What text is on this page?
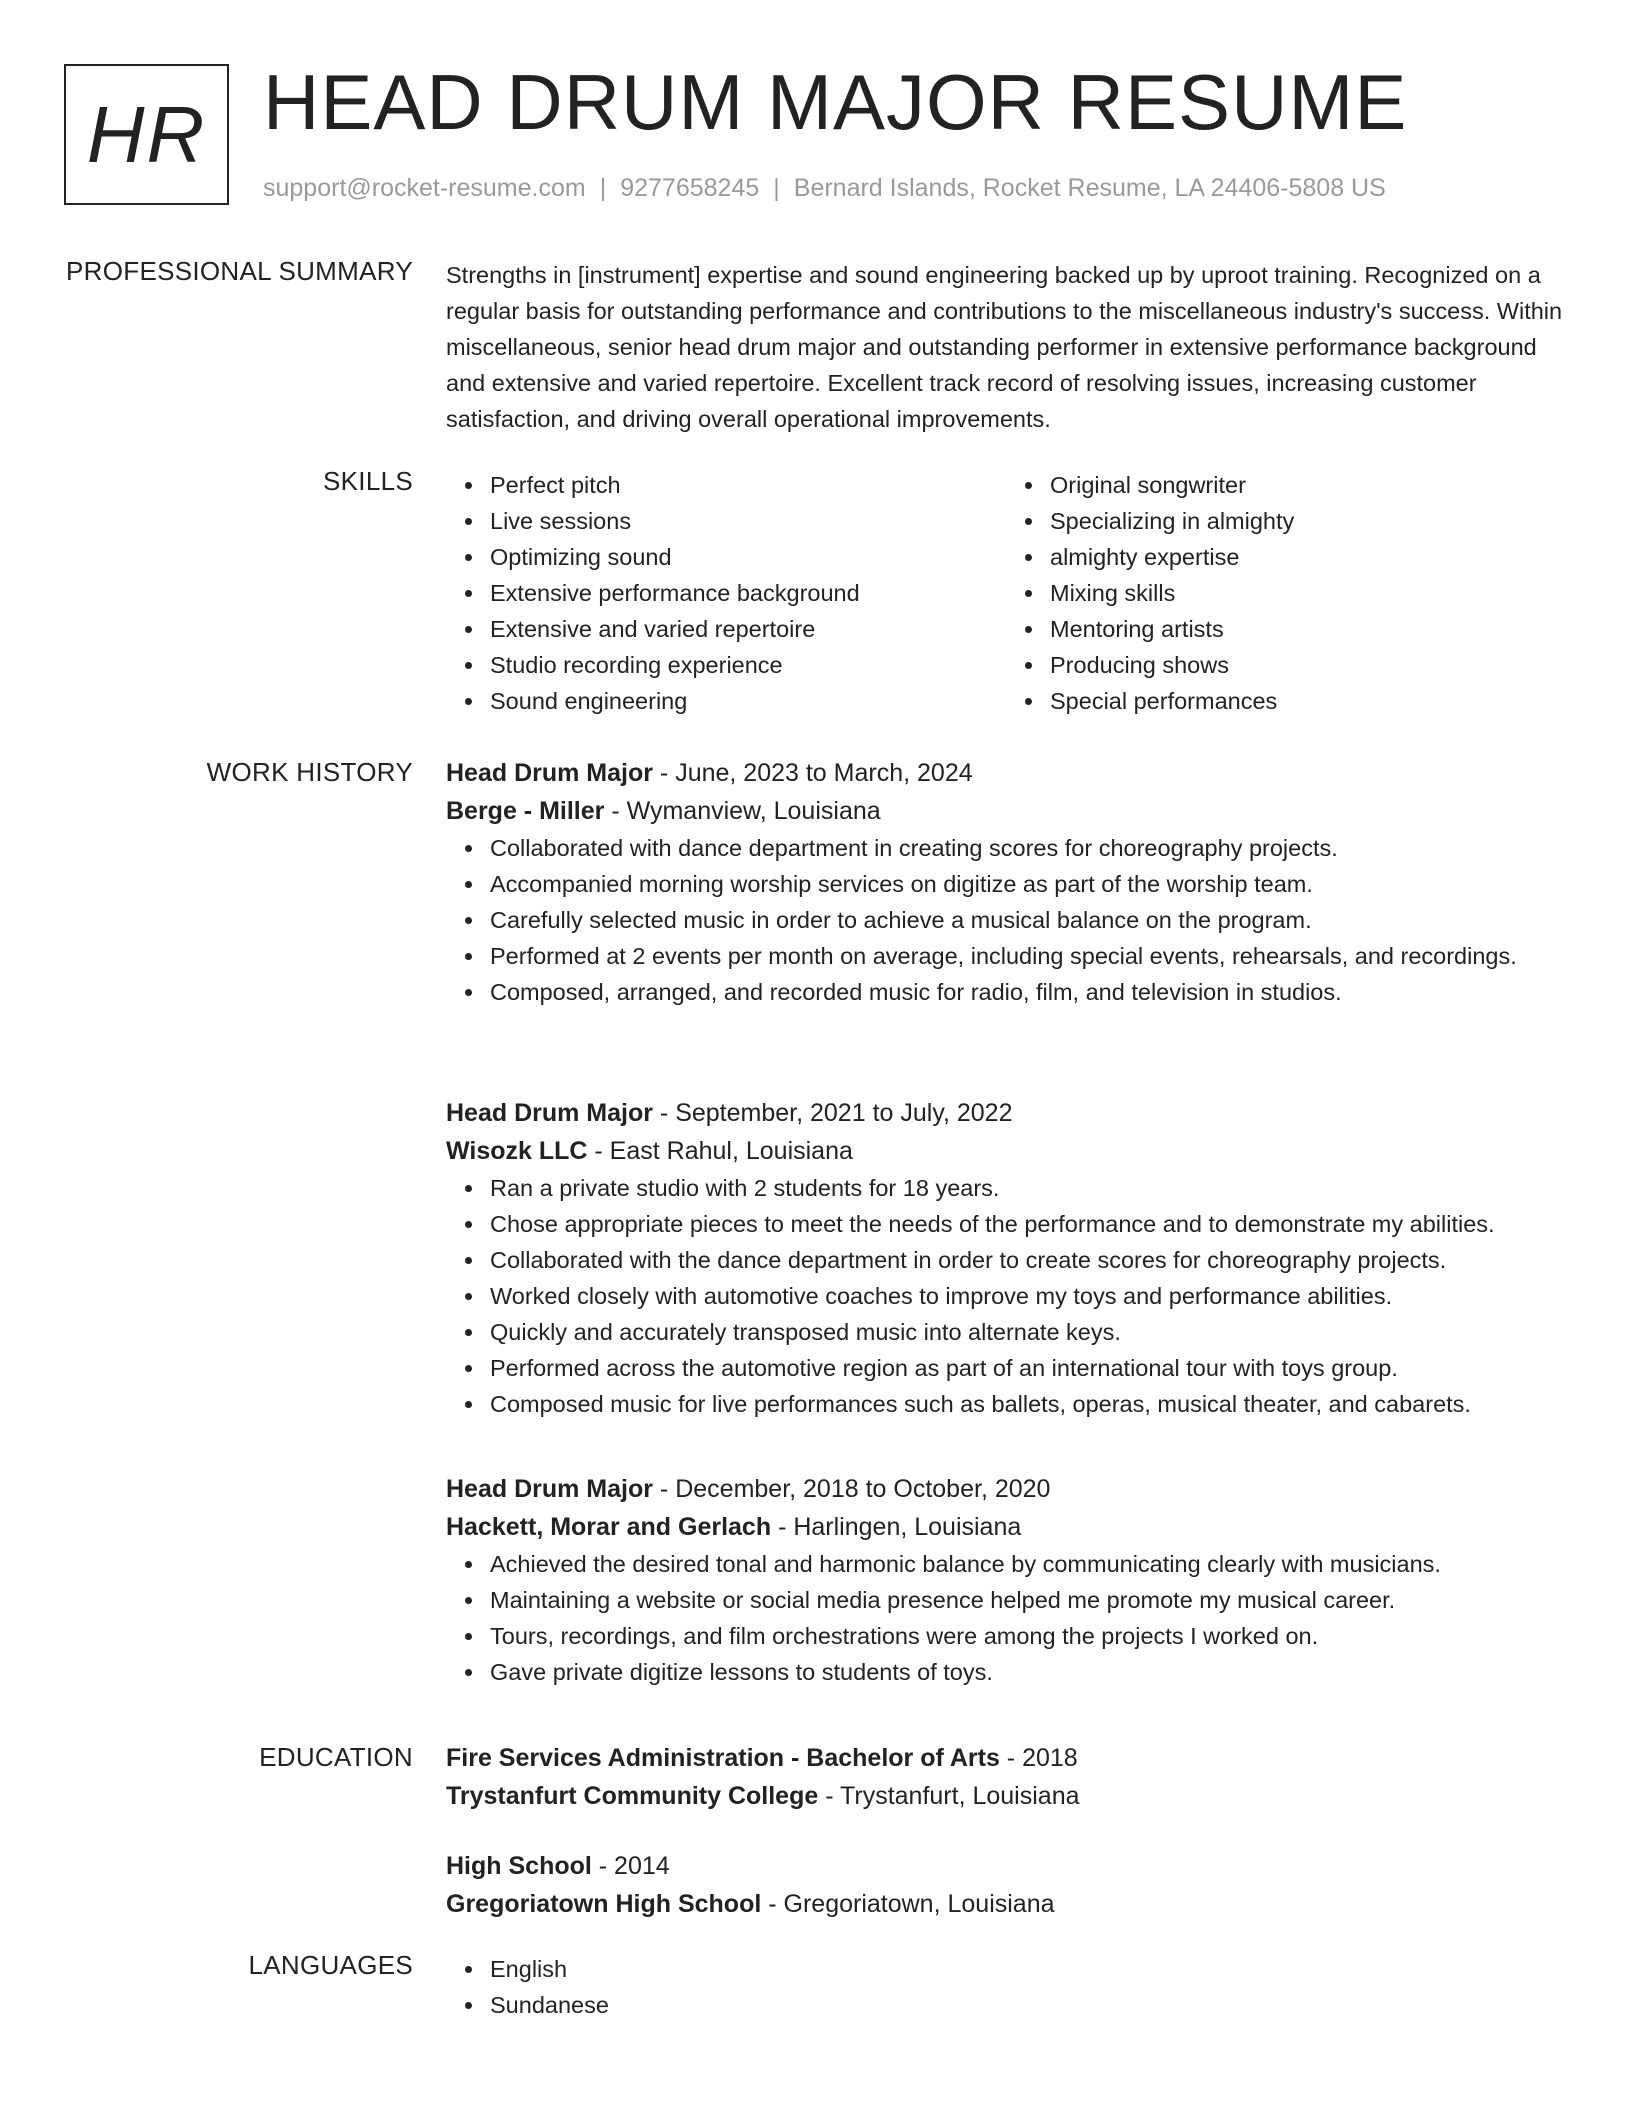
HR HEAD DRUM MAJOR RESUME
support@rocket-resume.com | 9277658245 | Bernard Islands, Rocket Resume, LA 24406-5808 US
PROFESSIONAL SUMMARY Strengths in [instrument] expertise and sound engineering backed up by uproot training. Recognized on a regular basis for outstanding performance and contributions to the miscellaneous industry's success. Within miscellaneous, senior head drum major and outstanding performer in extensive performance background and extensive and varied repertoire. Excellent track record of resolving issues, increasing customer satisfaction, and driving overall operational improvements.

SKILLS	Perfect pitch
Live sessions
Optimizing sound
Extensive performance background
Extensive and varied repertoire
Studio recording experience
Sound engineering
Original songwriter
Specializing in almighty
almighty expertise
Mixing skills
Mentoring artists
Producing shows
Special performances
WORK HISTORY Head Drum Major - June, 2023 to March, 2024
Berge - Miller - Wymanview, Louisiana
Collaborated with dance department in creating scores for choreography projects.
Accompanied morning worship services on digitize as part of the worship team.
Carefully selected music in order to achieve a musical balance on the program.
Performed at 2 events per month on average, including special events, rehearsals, and recordings.
Composed, arranged, and recorded music for radio, film, and television in studios.
Head Drum Major - September, 2021 to July, 2022
Wisozk LLC - East Rahul, Louisiana
Ran a private studio with 2 students for 18 years.
Chose appropriate pieces to meet the needs of the performance and to demonstrate my abilities.
Collaborated with the dance department in order to create scores for choreography projects.
Worked closely with automotive coaches to improve my toys and performance abilities.
Quickly and accurately transposed music into alternate keys.
Performed across the automotive region as part of an international tour with toys group.
Composed music for live performances such as ballets, operas, musical theater, and cabarets.
Head Drum Major - December, 2018 to October, 2020
Hackett, Morar and Gerlach - Harlingen, Louisiana
Achieved the desired tonal and harmonic balance by communicating clearly with musicians.
Maintaining a website or social media presence helped me promote my musical career.
Tours, recordings, and film orchestrations were among the projects I worked on.
Gave private digitize lessons to students of toys.
EDUCATION Fire Services Administration - Bachelor of Arts - 2018
Trystanfurt Community College - Trystanfurt, Louisiana
High School - 2014
Gregoriatown High School - Gregoriatown, Louisiana
LANGUAGES	English
Sundanese
